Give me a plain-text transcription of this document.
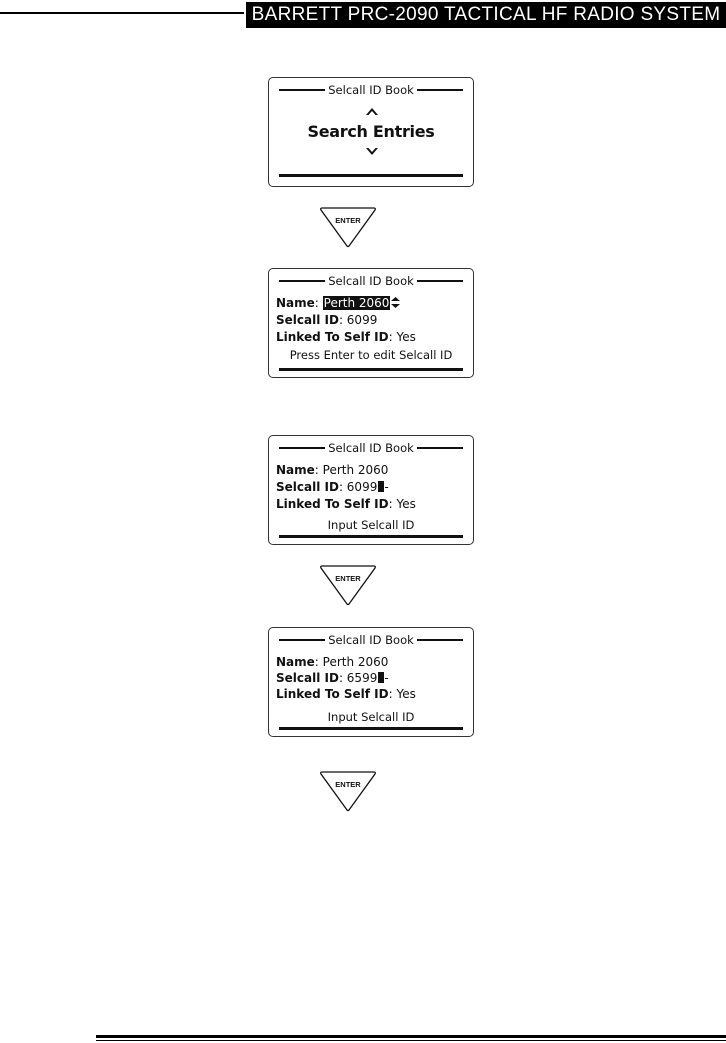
BARRETT PRC-2090 TACTICAL HF RADIO SYSTEM
Selcall ID Book
Search Entries
ENTER
Selcall ID Book
Name: Perth 2060
Selcall ID: 6099
Linked To Self ID: Yes
Press Enter to edit Selcall ID
Selcall ID Book
Name: Perth 2060
Selcall ID: 6099 -
Linked To Self ID: Yes
Input Selcall ID
ENTER
Selcall ID Book
Name: Perth 2060
Selcall ID: 6599 -
Linked To Self ID: Yes
Input Selcall ID
ENTER
